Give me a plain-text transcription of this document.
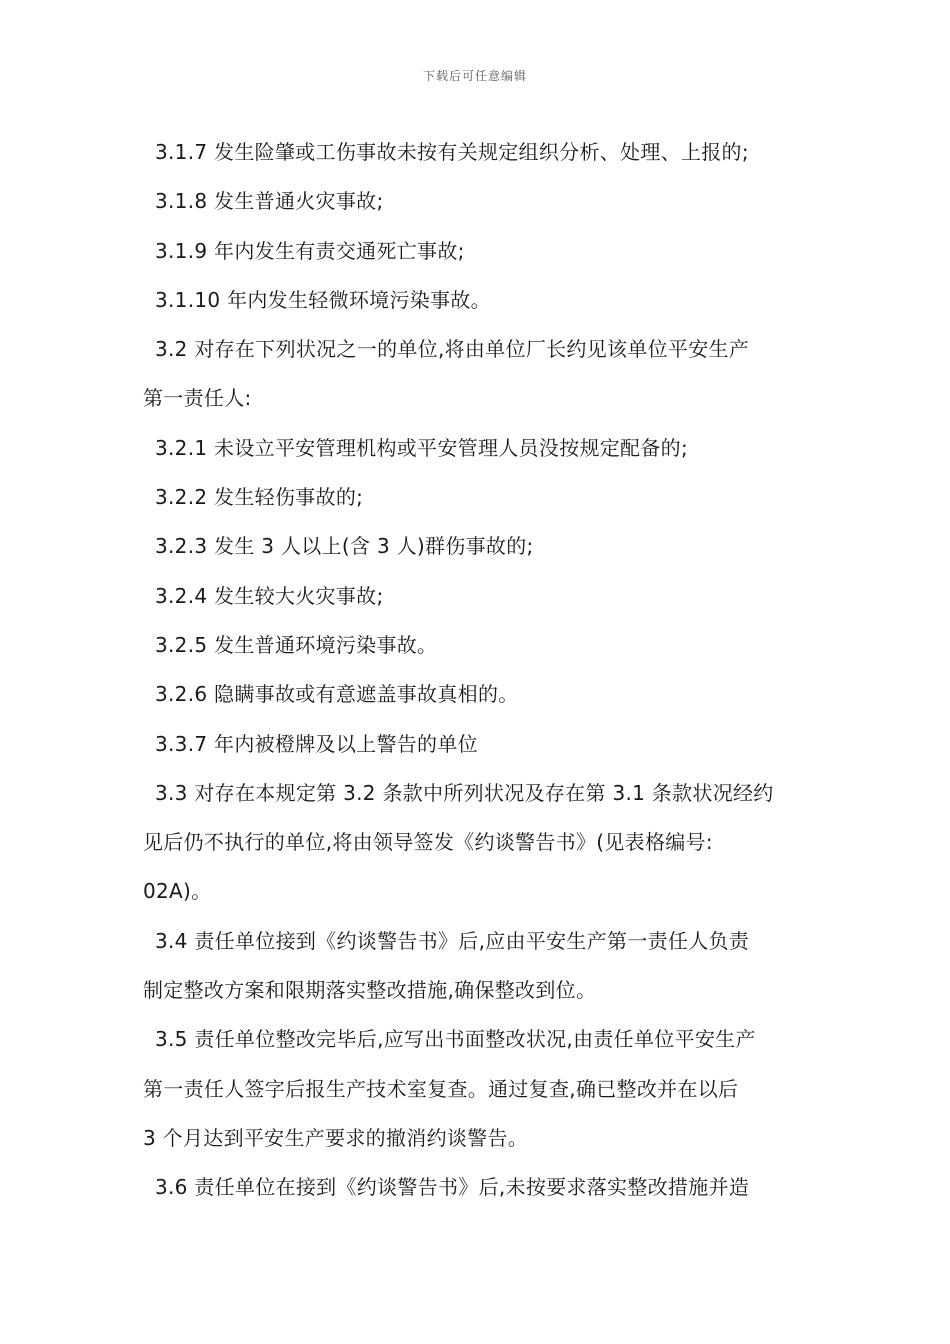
下载后可任意编辑

3.1.7 发生险肇或工伤事故未按有关规定组织分析、处理、上报的;

3.1.8 发生普通火灾事故;

3.1.9 年内发生有责交通死亡事故;

3.1.10 年内发生轻微环境污染事故。

3.2 对存在下列状况之一的单位,将由单位厂长约见该单位平安生产

第一责任人:

3.2.1 未设立平安管理机构或平安管理人员没按规定配备的;

3.2.2 发生轻伤事故的;

3.2.3 发生 3 人以上(含 3 人)群伤事故的;

3.2.4 发生较大火灾事故;

3.2.5 发生普通环境污染事故。

3.2.6 隐瞒事故或有意遮盖事故真相的。

3.3.7 年内被橙牌及以上警告的单位

3.3 对存在本规定第 3.2 条款中所列状况及存在第 3.1 条款状况经约

见后仍不执行的单位,将由领导签发《约谈警告书》(见表格编号:

02A)。

3.4 责任单位接到《约谈警告书》后,应由平安生产第一责任人负责

制定整改方案和限期落实整改措施,确保整改到位。

3.5 责任单位整改完毕后,应写出书面整改状况,由责任单位平安生产

第一责任人签字后报生产技术室复查。通过复查,确已整改并在以后

3 个月达到平安生产要求的撤消约谈警告。

3.6 责任单位在接到《约谈警告书》后,未按要求落实整改措施并造
